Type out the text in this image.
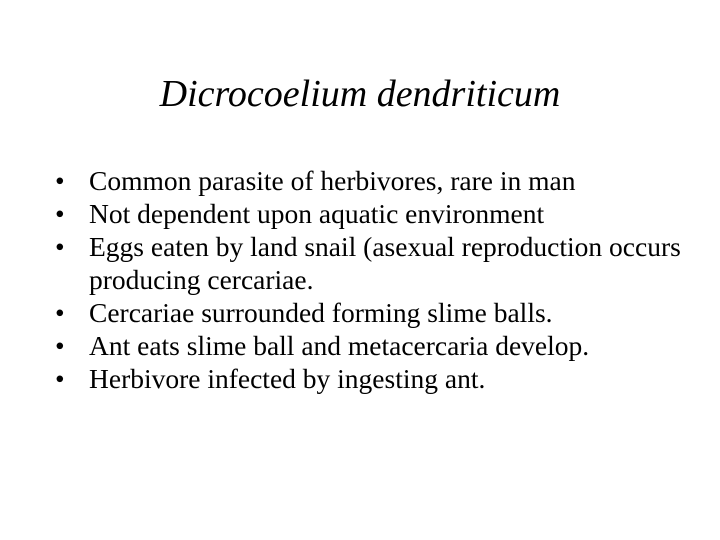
Dicrocoelium dendriticum
• Common parasite of herbivores, rare in man
• Not dependent upon aquatic environment
• Eggs eaten by land snail (asexual reproduction occurs producing cercariae.
• Cercariae surrounded forming slime balls.
• Ant eats slime ball and metacercaria develop.
• Herbivore infected by ingesting ant.
